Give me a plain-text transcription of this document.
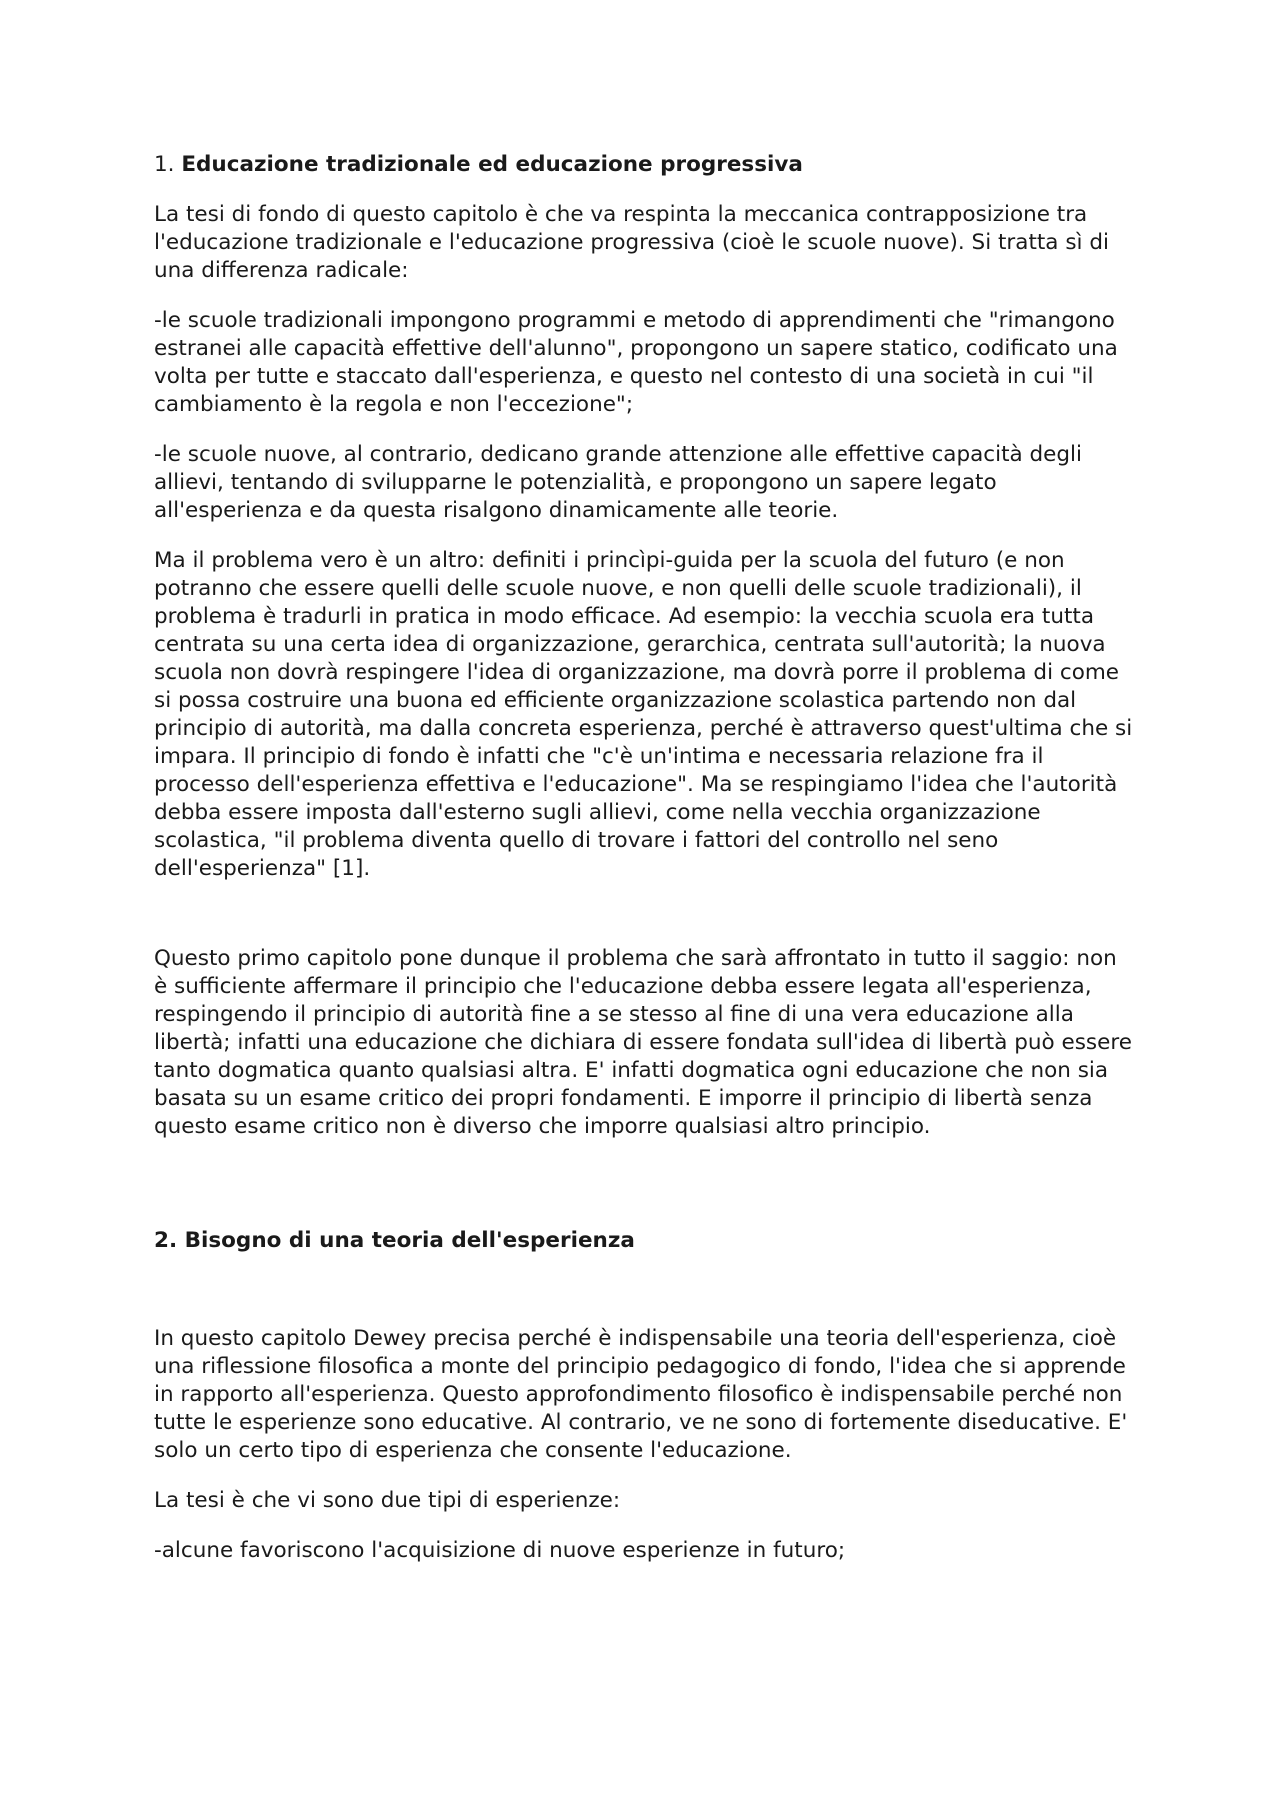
1. Educazione tradizionale ed educazione progressiva

La tesi di fondo di questo capitolo è che va respinta la meccanica contrapposizione tra l'educazione tradizionale e l'educazione progressiva (cioè le scuole nuove). Si tratta sì di una differenza radicale:

-le scuole tradizionali impongono programmi e metodo di apprendimenti che "rimangono estranei alle capacità effettive dell'alunno", propongono un sapere statico, codificato una volta per tutte e staccato dall'esperienza, e questo nel contesto di una società in cui "il cambiamento è la regola e non l'eccezione";

-le scuole nuove, al contrario, dedicano grande attenzione alle effettive capacità degli allievi, tentando di svilupparne le potenzialità, e propongono un sapere legato all'esperienza e da questa risalgono dinamicamente alle teorie.

Ma il problema vero è un altro: definiti i princìpi-guida per la scuola del futuro (e non potranno che essere quelli delle scuole nuove, e non quelli delle scuole tradizionali), il problema è tradurli in pratica in modo efficace. Ad esempio: la vecchia scuola era tutta centrata su una certa idea di organizzazione, gerarchica, centrata sull'autorità; la nuova scuola non dovrà respingere l'idea di organizzazione, ma dovrà porre il problema di come si possa costruire una buona ed efficiente organizzazione scolastica partendo non dal principio di autorità, ma dalla concreta esperienza, perché è attraverso quest'ultima che si impara. Il principio di fondo è infatti che "c'è un'intima e necessaria relazione fra il processo dell'esperienza effettiva e l'educazione". Ma se respingiamo l'idea che l'autorità debba essere imposta dall'esterno sugli allievi, come nella vecchia organizzazione scolastica, "il problema diventa quello di trovare i fattori del controllo nel seno dell'esperienza" [1].

Questo primo capitolo pone dunque il problema che sarà affrontato in tutto il saggio: non è sufficiente affermare il principio che l'educazione debba essere legata all'esperienza, respingendo il principio di autorità fine a se stesso al fine di una vera educazione alla libertà; infatti una educazione che dichiara di essere fondata sull'idea di libertà può essere tanto dogmatica quanto qualsiasi altra. E' infatti dogmatica ogni educazione che non sia basata su un esame critico dei propri fondamenti. E imporre il principio di libertà senza questo esame critico non è diverso che imporre qualsiasi altro principio.

2. Bisogno di una teoria dell'esperienza

In questo capitolo Dewey precisa perché è indispensabile una teoria dell'esperienza, cioè una riflessione filosofica a monte del principio pedagogico di fondo, l'idea che si apprende in rapporto all'esperienza. Questo approfondimento filosofico è indispensabile perché non tutte le esperienze sono educative. Al contrario, ve ne sono di fortemente diseducative. E' solo un certo tipo di esperienza che consente l'educazione.

La tesi è che vi sono due tipi di esperienze:

-alcune favoriscono l'acquisizione di nuove esperienze in futuro;
